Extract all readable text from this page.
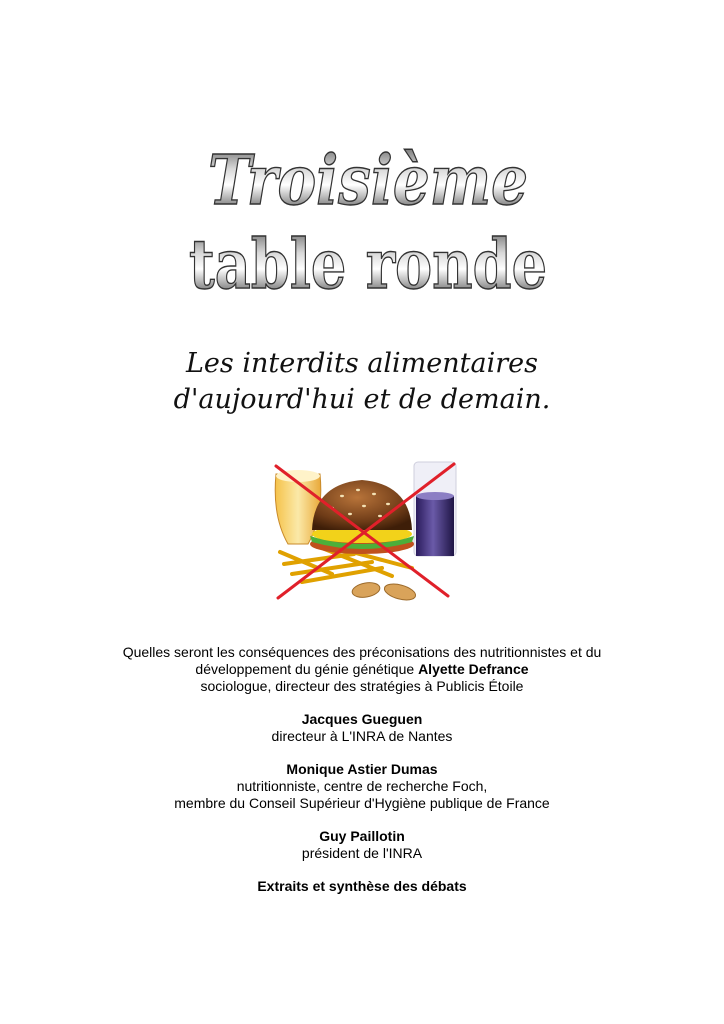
Troisième
table ronde
Les interdits alimentaires
d'aujourd'hui et de demain.
Quelles seront les conséquences des préconisations des nutritionnistes et du
développement du génie génétique Alyette Defrance
sociologue, directeur des stratégies à Publicis Étoile
Jacques Gueguen
directeur à L'INRA de Nantes
Monique Astier Dumas
nutritionniste, centre de recherche Foch,
membre du Conseil Supérieur d'Hygiène publique de France
Guy Paillotin
président de l'INRA
Extraits et synthèse des débats
